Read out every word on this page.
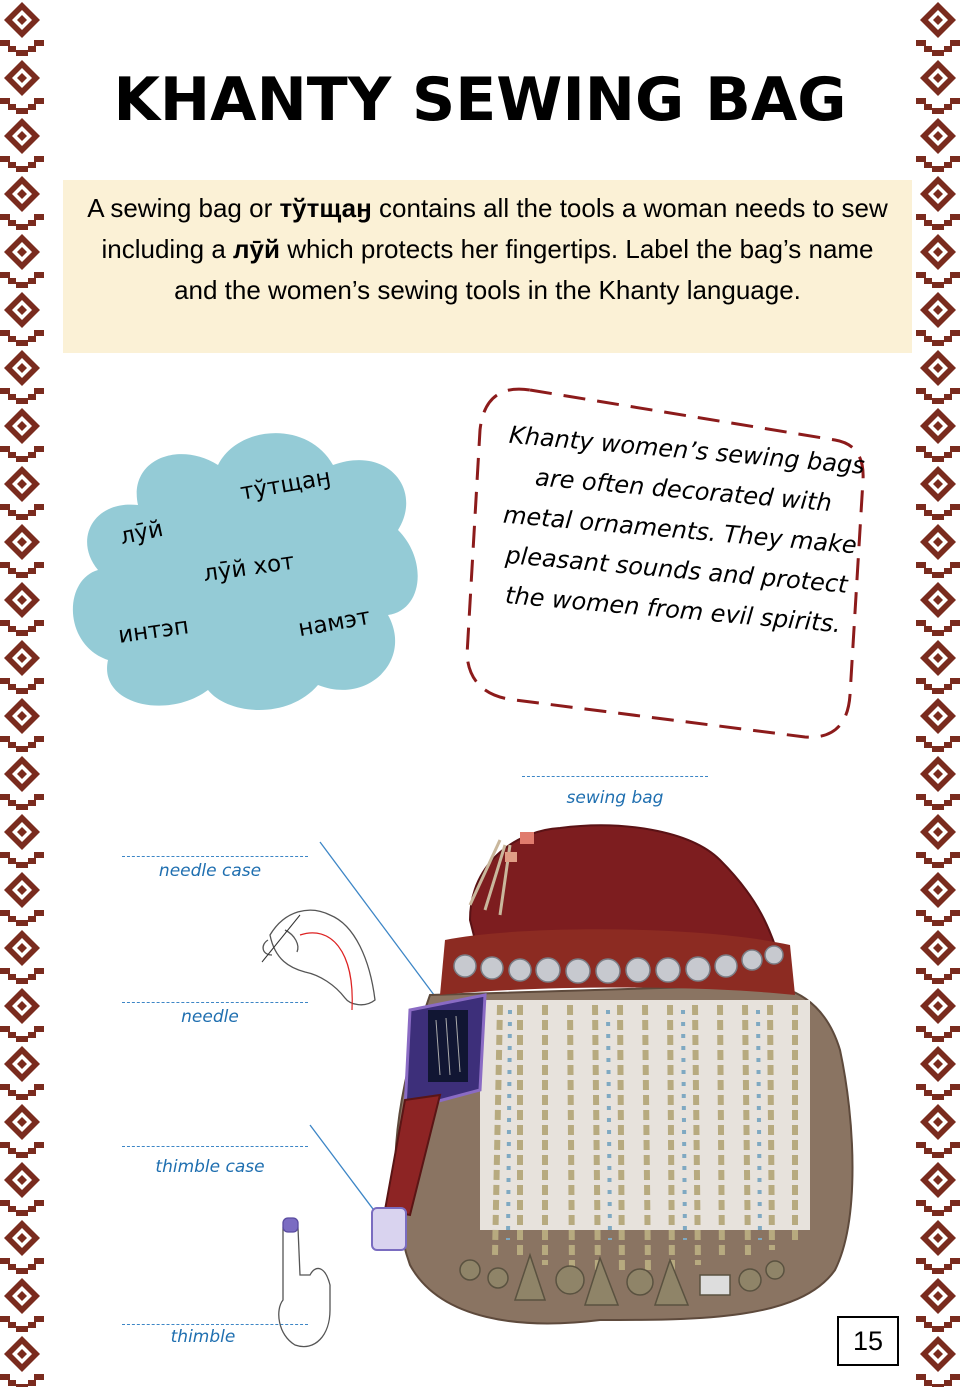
KHANTY SEWING BAG
A sewing bag or тўтщаӈ contains all the tools a woman needs to sew including a лӯй which protects her fingertips. Label the bag’s name and the women’s sewing tools in the Khanty language.
тўтщаӈ
лӯй
лӯй хот
интэп	намэт
Khanty women’s sewing bags are often decorated with metal ornaments. They make pleasant sounds and protect the women from evil spirits.
sewing bag
needle case
needle
thimble case
thimble	15
